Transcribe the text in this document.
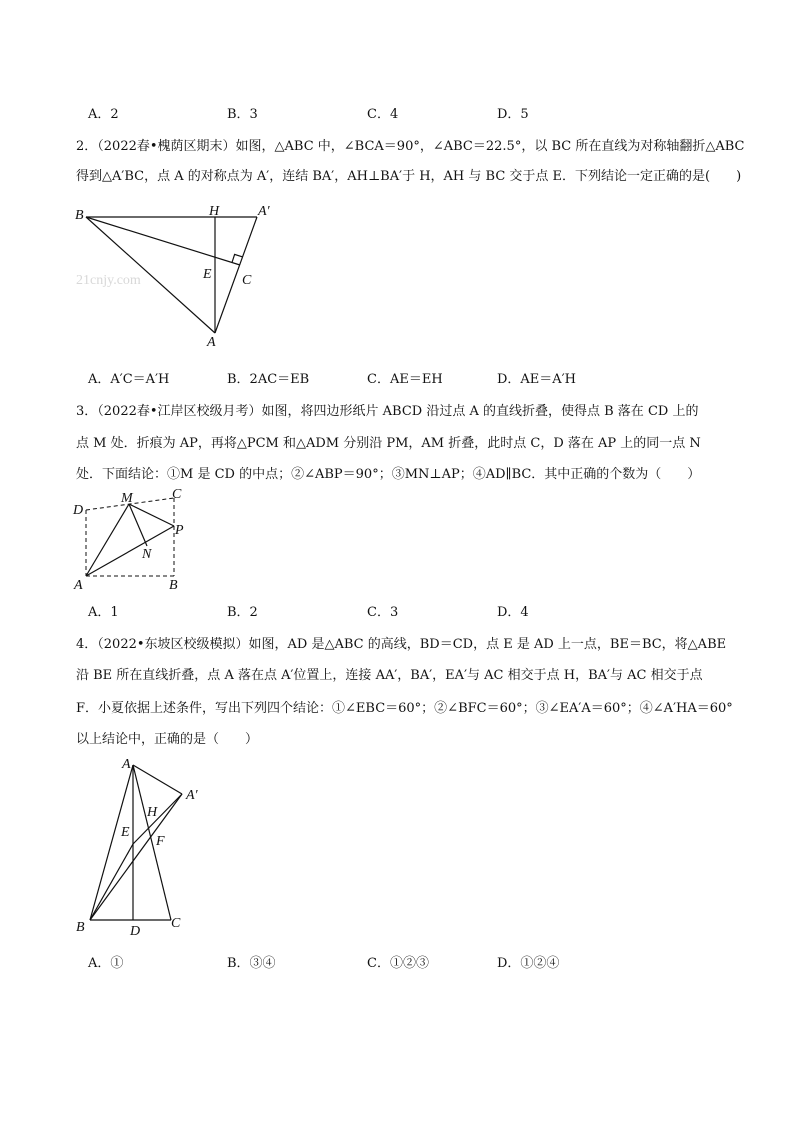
A．2	B．3	C．4	D．5
2．（2022春•槐荫区期末）如图，△ABC 中，∠BCA＝90°，∠ABC＝22.5°，以 BC 所在直线为对称轴翻折△ABC
得到△A′BC，点 A 的对称点为 A′，连结 BA′，AH⊥BA′于 H，AH 与 BC 交于点 E．下列结论一定正确的是(　　)
21cnjy.com
B	H	A′
E C
A
A．A′C＝A′H	B．2AC＝EB	C．AE＝EH	D．AE＝A′H
3．（2022春•江岸区校级月考）如图，将四边形纸片 ABCD 沿过点 A 的直线折叠，使得点 B 落在 CD 上的
点 M 处．折痕为 AP，再将△PCM 和△ADM 分别沿 PM，AM 折叠，此时点 C，D 落在 AP 上的同一点 N
处．下面结论：①M 是 CD 的中点；②∠ABP＝90°；③MN⊥AP；④AD∥BC．其中正确的个数为（　　）
D
M	C
P
N
A	B
A．1	B．2	C．3	D．4
4．（2022•东坡区校级模拟）如图，AD 是△ABC 的高线，BD＝CD，点 E 是 AD 上一点，BE＝BC，将△ABE
沿 BE 所在直线折叠，点 A 落在点 A′位置上，连接 AA′，BA′，EA′与 AC 相交于点 H，BA′与 AC 相交于点
F．小夏依据上述条件，写出下列四个结论：①∠EBC＝60°；②∠BFC＝60°；③∠EA′A＝60°；④∠A′HA＝60°
以上结论中，正确的是（　　）
A
A′
H
E
F
B	D
C
A．①	B．③④	C．①②③	D．①②④
